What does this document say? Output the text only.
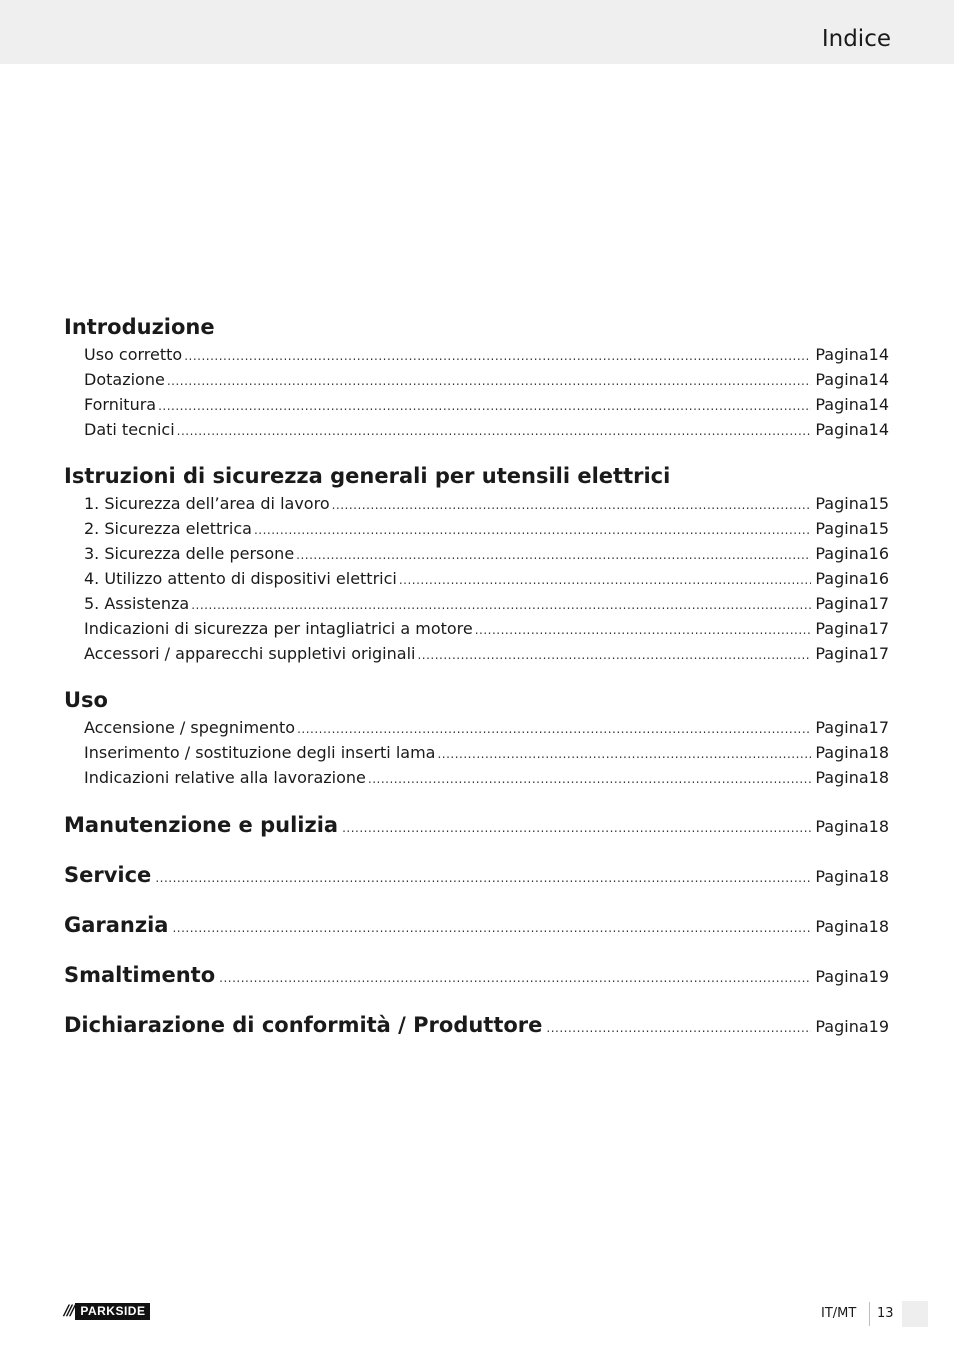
Indice
Introduzione
Uso corretto .....	Pagina 14
Dotazione .....	Pagina 14
Fornitura .....	Pagina 14
Dati tecnici .....	Pagina 14
Istruzioni di sicurezza generali per utensili elettrici
1. Sicurezza dell’area di lavoro .....	Pagina 15
2. Sicurezza elettrica .....	Pagina 15
3. Sicurezza delle persone .....	Pagina 16
4. Utilizzo attento di dispositivi elettrici .....	Pagina 16
5. Assistenza .....	Pagina 17
Indicazioni di sicurezza per intagliatrici a motore .....	Pagina 17
Accessori / apparecchi suppletivi originali .....	Pagina 17
Uso
Accensione / spegnimento .....	Pagina 17
Inserimento / sostituzione degli inserti lama .....	Pagina 18
Indicazioni relative alla lavorazione .....	Pagina 18
Manutenzione e pulizia .....	Pagina 18
Service .....	Pagina 18
Garanzia .....	Pagina 18
Smaltimento .....	Pagina 19
Dichiarazione di conformità / Produttore .....	Pagina 19
/// PARKSIDE	IT/MT 13
